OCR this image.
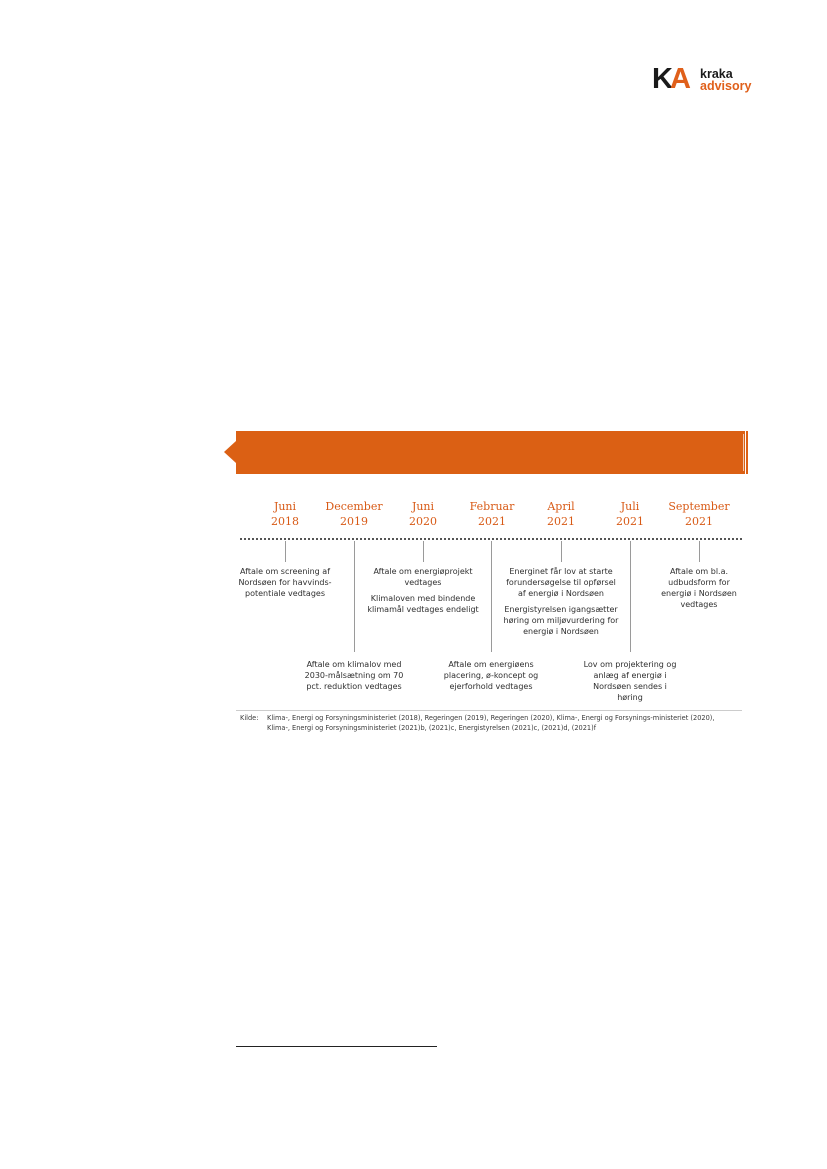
KA kraka
advisory
Juni
2018
December
2019
Juni
2020
Februar
2021
April
2021
Juli
2021
September
2021

Aftale om screening af Nordsøen for havvinds-potentiale vedtages

Aftale om energiøprojekt vedtages

Klimaloven med bindende klimamål vedtages endeligt

Energinet får lov at starte forundersøgelse til opførsel af energiø i Nordsøen

Energistyrelsen igangsætter høring om miljøvurdering for energiø i Nordsøen

Aftale om bl.a. udbudsform for energiø i Nordsøen vedtages

Aftale om klimalov med 2030-målsætning om 70 pct. reduktion vedtages

Aftale om energiøens placering, ø-koncept og ejerforhold vedtages

Lov om projektering og anlæg af energiø i Nordsøen sendes i høring

Kilde: Klima-, Energi og Forsyningsministeriet (2018), Regeringen (2019), Regeringen (2020), Klima-, Energi og Forsynings-ministeriet (2020),
Klima-, Energi og Forsyningsministeriet (2021)b, (2021)c, Energistyrelsen (2021)c, (2021)d, (2021)f
